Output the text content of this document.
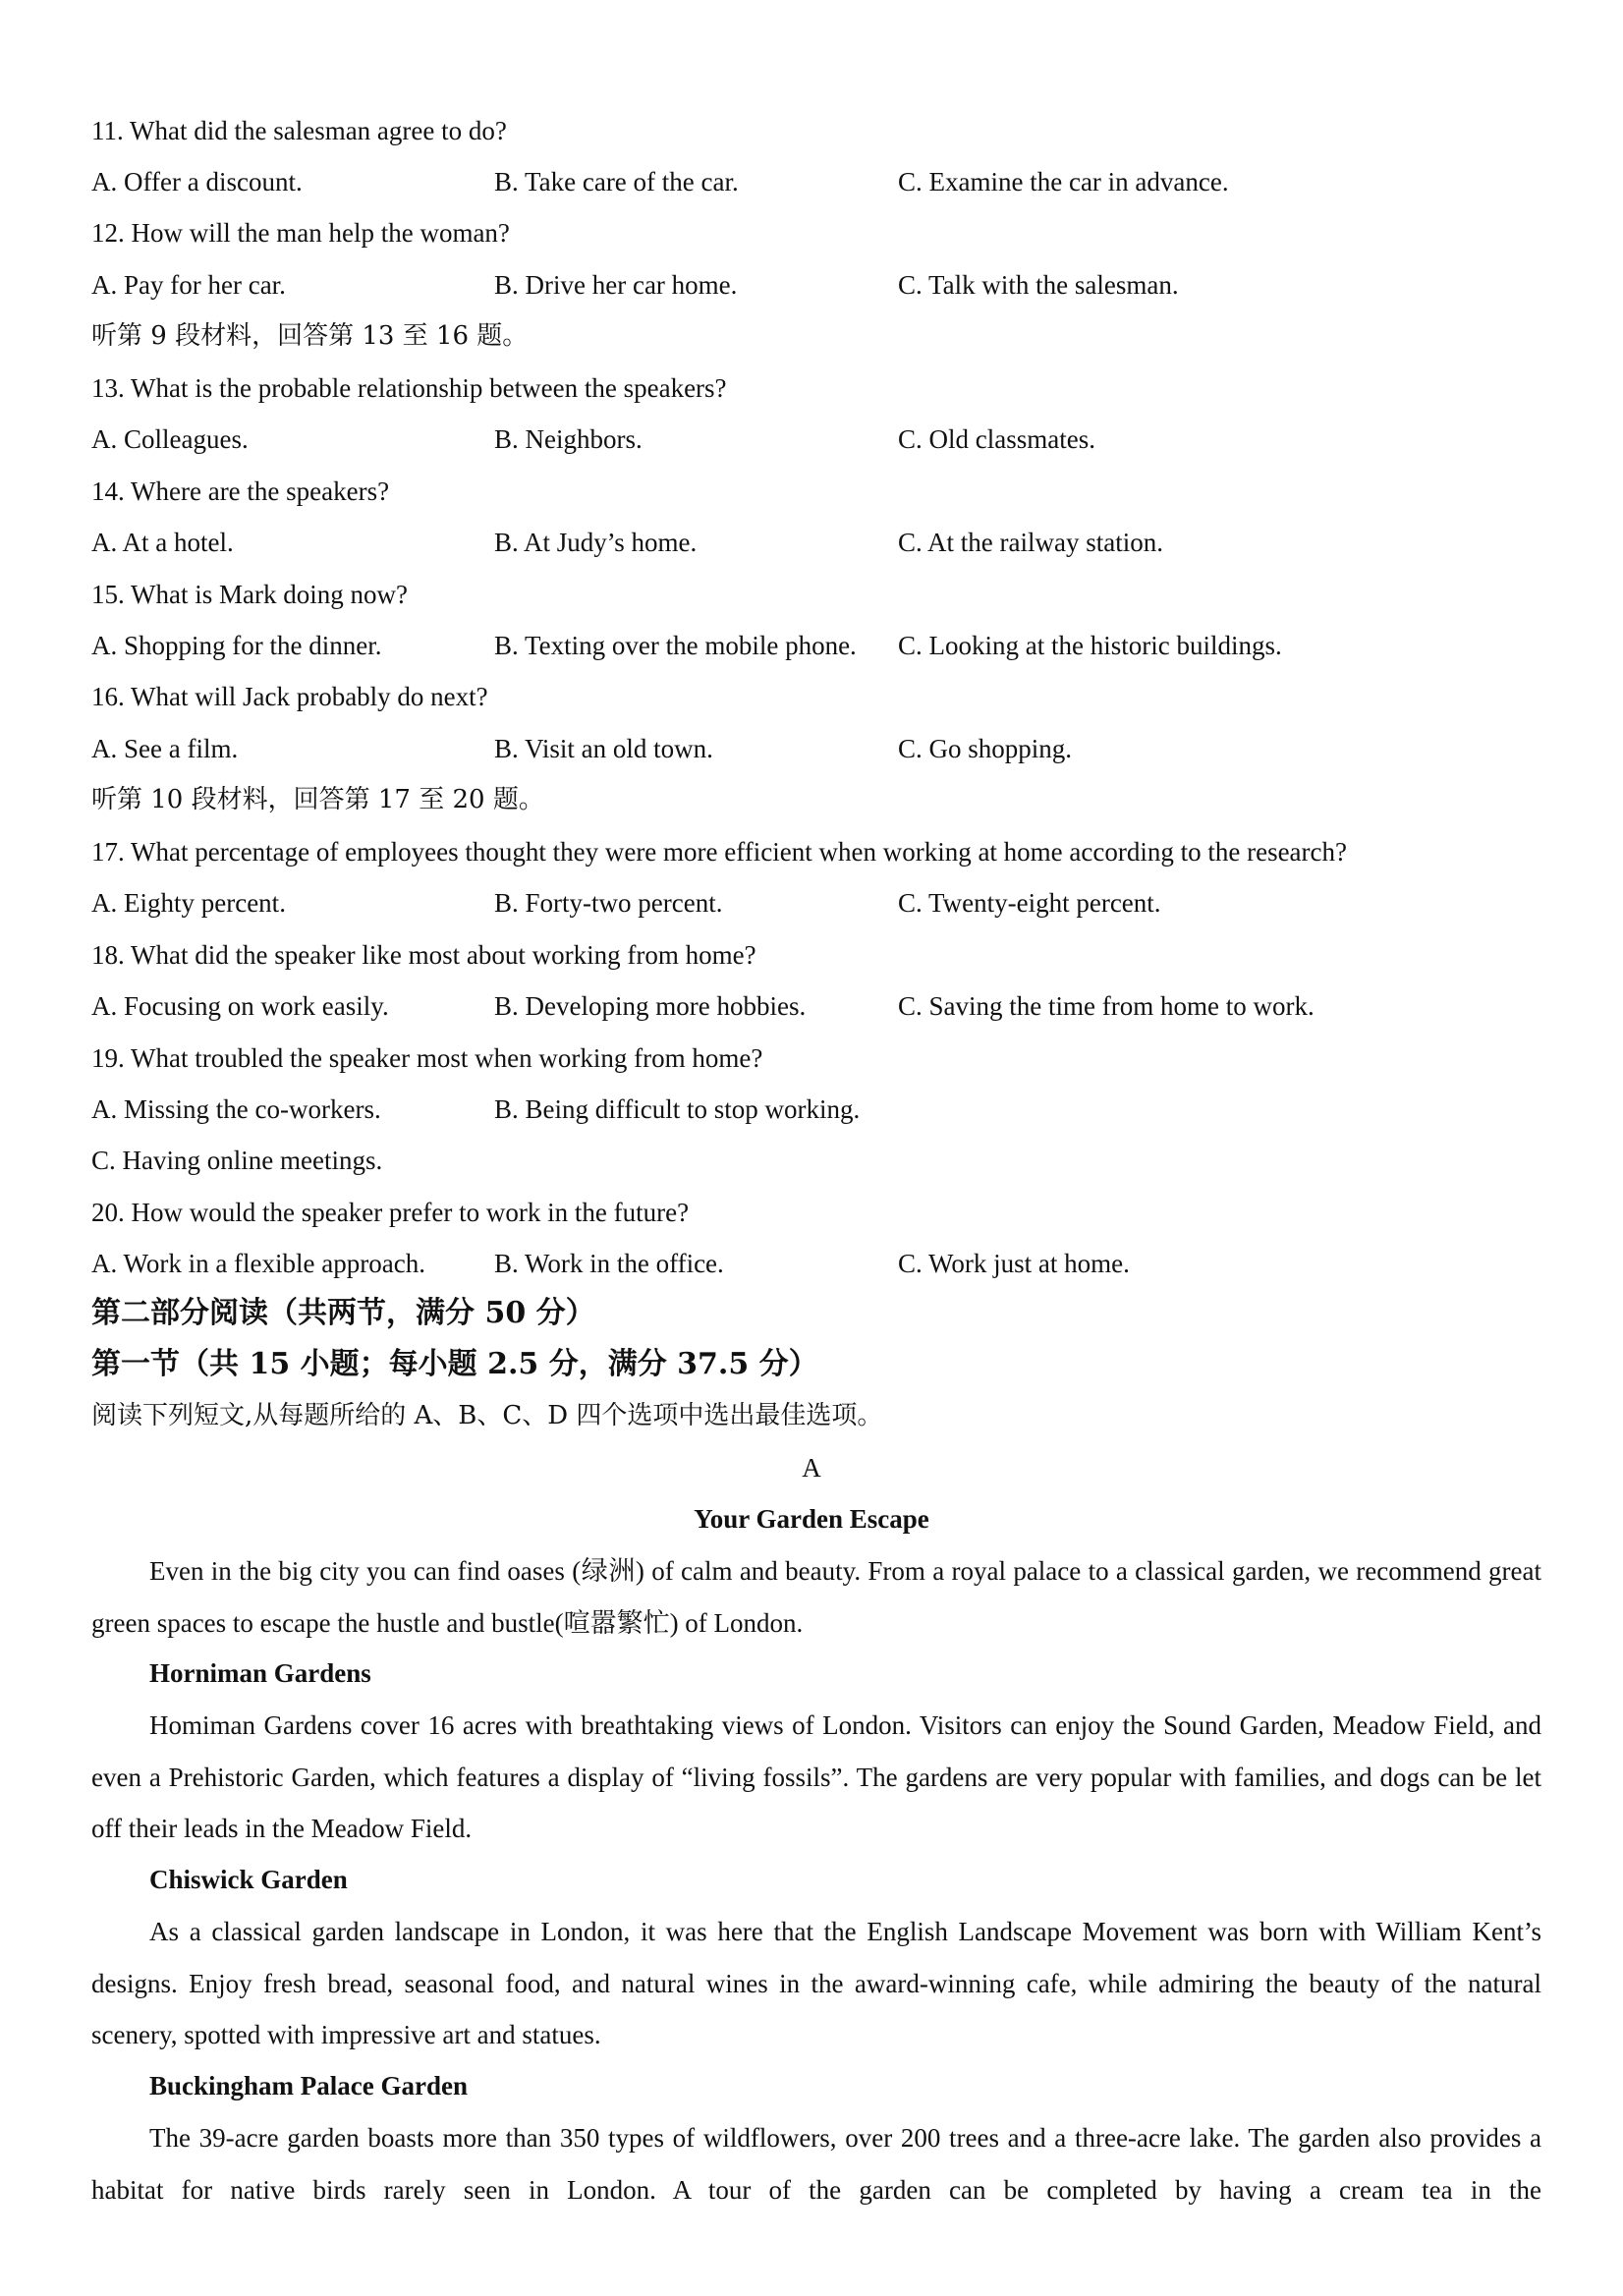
11. What did the salesman agree to do?
A. Offer a discount.	B. Take care of the car.	C. Examine the car in advance.
12. How will the man help the woman?
A. Pay for her car.	B. Drive her car home.	C. Talk with the salesman.
听第 9 段材料，回答第 13 至 16 题。
13. What is the probable relationship between the speakers?
A. Colleagues.	B. Neighbors.	C. Old classmates.
14. Where are the speakers?
A. At a hotel.	B. At Judy’s home.	C. At the railway station.
15. What is Mark doing now?
A. Shopping for the dinner.	B. Texting over the mobile phone. C. Looking at the historic buildings.
16. What will Jack probably do next?
A. See a film.	B. Visit an old town.	C. Go shopping.
听第 10 段材料，回答第 17 至 20 题。
17. What percentage of employees thought they were more efficient when working at home according to the research?
A. Eighty percent.	B. Forty-two percent.	C. Twenty-eight percent.
18. What did the speaker like most about working from home?
A. Focusing on work easily.	B. Developing more hobbies.	C. Saving the time from home to work.
19. What troubled the speaker most when working from home?
A. Missing the co-workers.	B. Being difficult to stop working.
C. Having online meetings.
20. How would the speaker prefer to work in the future?
A. Work in a flexible approach.	B. Work in the office.	C. Work just at home.
第二部分阅读（共两节，满分 50 分）
第一节（共 15 小题；每小题 2.5 分，满分 37.5 分）
阅读下列短文,从每题所给的 A、B、C、D 四个选项中选出最佳选项。
A
Your Garden Escape
Even in the big city you can find oases (绿洲) of calm and beauty. From a royal palace to a classical garden, we recommend great green spaces to escape the hustle and bustle(喧嚣繁忙) of London.
Horniman Gardens
Homiman Gardens cover 16 acres with breathtaking views of London. Visitors can enjoy the Sound Garden, Meadow Field, and even a Prehistoric Garden, which features a display of “living fossils”. The gardens are very popular with families, and dogs can be let off their leads in the Meadow Field.
Chiswick Garden
As a classical garden landscape in London, it was here that the English Landscape Movement was born with William Kent’s designs. Enjoy fresh bread, seasonal food, and natural wines in the award-winning cafe, while admiring the beauty of the natural scenery, spotted with impressive art and statues.
Buckingham Palace Garden
The 39-acre garden boasts more than 350 types of wildflowers, over 200 trees and a three-acre lake. The garden also provides a habitat for native birds rarely seen in London. A tour of the garden can be completed by having a cream tea in the
